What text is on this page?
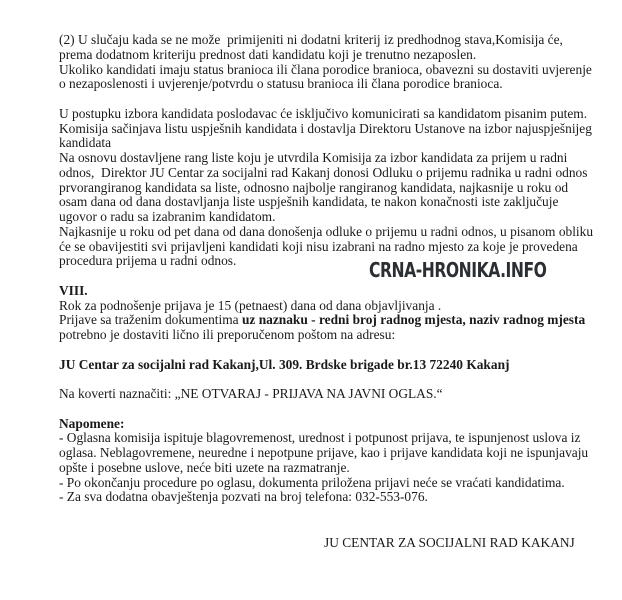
(2) U slučaju kada se ne može  primijeniti ni dodatni kriterij iz predhodnog stava,Komisija će,
prema dodatnom kriteriju prednost dati kandidatu koji je trenutno nezaposlen.
Ukoliko kandidati imaju status branioca ili člana porodice branioca, obavezni su dostaviti uvjerenje
o nezaposlenosti i uvjerenje/potvrdu o statusu branioca ili člana porodice branioca.
U postupku izbora kandidata poslodavac će isključivo komunicirati sa kandidatom pisanim putem.
Komisija sačinjava listu uspješnih kandidata i dostavlja Direktoru Ustanove na izbor najuspješnijeg
kandidata
Na osnovu dostavljene rang liste koju je utvrdila Komisija za izbor kandidata za prijem u radni
odnos,  Direktor JU Centar za socijalni rad Kakanj donosi Odluku o prijemu radnika u radni odnos
prvorangiranog kandidata sa liste, odnosno najbolje rangiranog kandidata, najkasnije u roku od
osam dana od dana dostavljanja liste uspješnih kandidata, te nakon konačnosti iste zaključuje
ugovor o radu sa izabranim kandidatom.
Najkasnije u roku od pet dana od dana donošenja odluke o prijemu u radni odnos, u pisanom obliku
će se obavijestiti svi prijavljeni kandidati koji nisu izabrani na radno mjesto za koje je provedena
procedura prijema u radni odnos.
VIII.
Rok za podnošenje prijava je 15 (petnaest) dana od dana objavljivanja .
Prijave sa traženim dokumentima uz naznaku - redni broj radnog mjesta, naziv radnog mjesta
potrebno je dostaviti lično ili preporučenom poštom na adresu:
JU Centar za socijalni rad Kakanj,Ul. 309. Brdske brigade br.13 72240 Kakanj
Na koverti naznačiti: „NE OTVARAJ - PRIJAVA NA JAVNI OGLAS.“
Napomene:
- Oglasna komisija ispituje blagovremenost, urednost i potpunost prijava, te ispunjenost uslova iz
oglasa. Neblagovremene, neuredne i nepotpune prijave, kao i prijave kandidata koji ne ispunjavaju
opšte i posebne uslove, neće biti uzete na razmatranje.
- Po okončanju procedure po oglasu, dokumenta priložena prijavi neće se vraćati kandidatima.
- Za sva dodatna obavještenja pozvati na broj telefona: 032-553-076.
CRNA-HRONIKA.INFO
JU CENTAR ZA SOCIJALNI RAD KAKANJ
